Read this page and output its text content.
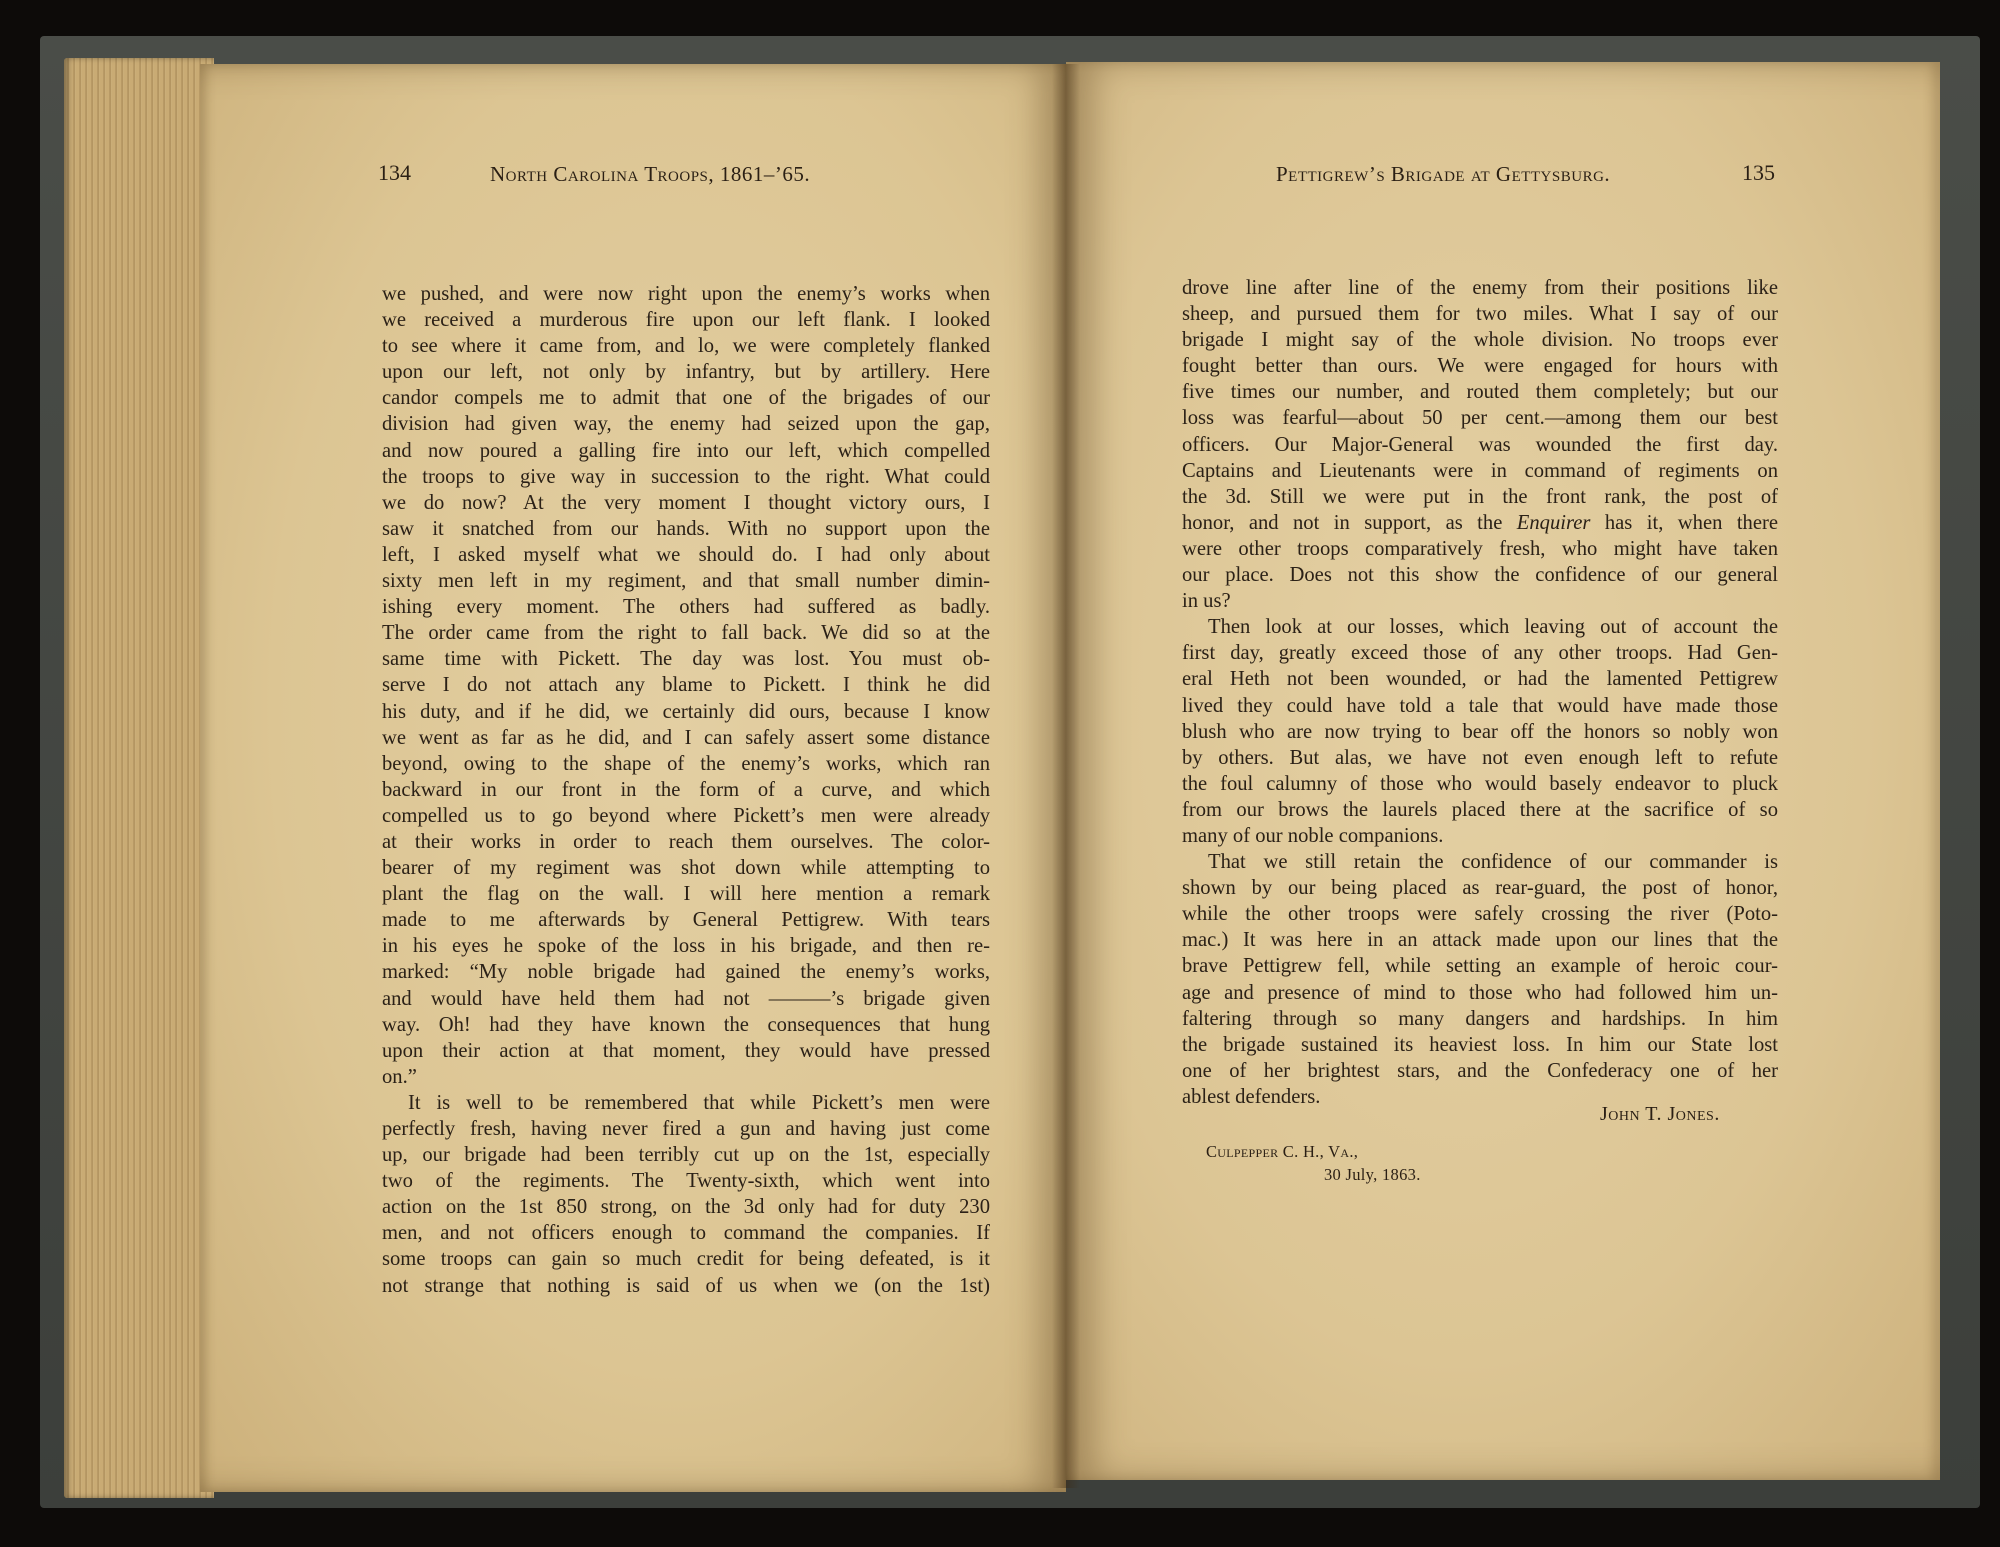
134	North Carolina Troops, 1861–’65.	Pettigrew’s Brigade at Gettysburg.	135
we pushed, and were now right upon the enemy’s works when
we received a murderous fire upon our left flank. I looked
to see where it came from, and lo, we were completely flanked
upon our left, not only by infantry, but by artillery. Here
candor compels me to admit that one of the brigades of our
division had given way, the enemy had seized upon the gap,
and now poured a galling fire into our left, which compelled
the troops to give way in succession to the right. What could
we do now? At the very moment I thought victory ours, I
saw it snatched from our hands. With no support upon the
left, I asked myself what we should do. I had only about
sixty men left in my regiment, and that small number dimin-
ishing every moment. The others had suffered as badly.
The order came from the right to fall back. We did so at the
same time with Pickett. The day was lost. You must ob-
serve I do not attach any blame to Pickett. I think he did
his duty, and if he did, we certainly did ours, because I know
we went as far as he did, and I can safely assert some distance
beyond, owing to the shape of the enemy’s works, which ran
backward in our front in the form of a curve, and which
compelled us to go beyond where Pickett’s men were already
at their works in order to reach them ourselves. The color-
bearer of my regiment was shot down while attempting to
plant the flag on the wall. I will here mention a remark
made to me afterwards by General Pettigrew. With tears
in his eyes he spoke of the loss in his brigade, and then re-
marked: “My noble brigade had gained the enemy’s works,
and would have held them had not ———’s brigade given
way. Oh! had they have known the consequences that hung
upon their action at that moment, they would have pressed
on.”
It is well to be remembered that while Pickett’s men were
perfectly fresh, having never fired a gun and having just come
up, our brigade had been terribly cut up on the 1st, especially
two of the regiments. The Twenty-sixth, which went into
action on the 1st 850 strong, on the 3d only had for duty 230
men, and not officers enough to command the companies. If
some troops can gain so much credit for being defeated, is it
not strange that nothing is said of us when we (on the 1st)
drove line after line of the enemy from their positions like
sheep, and pursued them for two miles. What I say of our
brigade I might say of the whole division. No troops ever
fought better than ours. We were engaged for hours with
five times our number, and routed them completely; but our
loss was fearful—about 50 per cent.—among them our best
officers. Our Major-General was wounded the first day.
Captains and Lieutenants were in command of regiments on
the 3d. Still we were put in the front rank, the post of
honor, and not in support, as the Enquirer has it, when there
were other troops comparatively fresh, who might have taken
our place. Does not this show the confidence of our general
in us?
Then look at our losses, which leaving out of account the
first day, greatly exceed those of any other troops. Had Gen-
eral Heth not been wounded, or had the lamented Pettigrew
lived they could have told a tale that would have made those
blush who are now trying to bear off the honors so nobly won
by others. But alas, we have not even enough left to refute
the foul calumny of those who would basely endeavor to pluck
from our brows the laurels placed there at the sacrifice of so
many of our noble companions.
That we still retain the confidence of our commander is
shown by our being placed as rear-guard, the post of honor,
while the other troops were safely crossing the river (Poto-
mac.) It was here in an attack made upon our lines that the
brave Pettigrew fell, while setting an example of heroic cour-
age and presence of mind to those who had followed him un-
faltering through so many dangers and hardships. In him
the brigade sustained its heaviest loss. In him our State lost
one of her brightest stars, and the Confederacy one of her
ablest defenders.
John T. Jones.
Culpepper C. H., Va.,
30 July, 1863.
